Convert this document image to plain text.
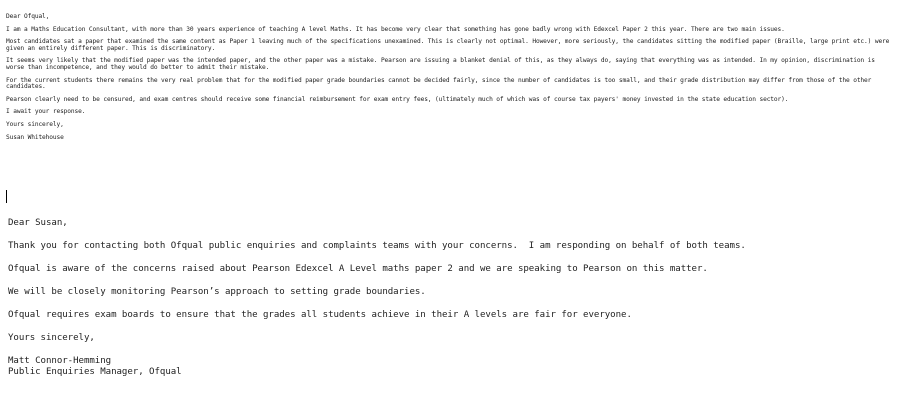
Dear Ofqual,

I am a Maths Education Consultant, with more than 30 years experience of teaching A level Maths. It has become very clear that something has gone badly wrong with Edexcel Paper 2 this year. There are two main issues.

Most candidates sat a paper that examined the same content as Paper 1 leaving much of the specifications unexamined. This is clearly not optimal. However, more seriously, the candidates sitting the modified paper (Braille, large print etc.) were given an entirely different paper. This is discriminatory.

It seems very likely that the modified paper was the intended paper, and the other paper was a mistake. Pearson are issuing a blanket denial of this, as they always do, saying that everything was as intended. In my opinion, discrimination is worse than incompetence, and they would do better to admit their mistake.

For the current students there remains the very real problem that for the modified paper grade boundaries cannot be decided fairly, since the number of candidates is too small, and their grade distribution may differ from those of the other candidates.

Pearson clearly need to be censured, and exam centres should receive some financial reimbursement for exam entry fees, (ultimately much of which was of course tax payers' money invested in the state education sector).

I await your response.

Yours sincerely,

Susan Whitehouse

Dear Susan,

Thank you for contacting both Ofqual public enquiries and complaints teams with your concerns.  I am responding on behalf of both teams.

Ofqual is aware of the concerns raised about Pearson Edexcel A Level maths paper 2 and we are speaking to Pearson on this matter.

We will be closely monitoring Pearson’s approach to setting grade boundaries.

Ofqual requires exam boards to ensure that the grades all students achieve in their A levels are fair for everyone.

Yours sincerely,

Matt Connor-Hemming

Public Enquiries Manager, Ofqual
